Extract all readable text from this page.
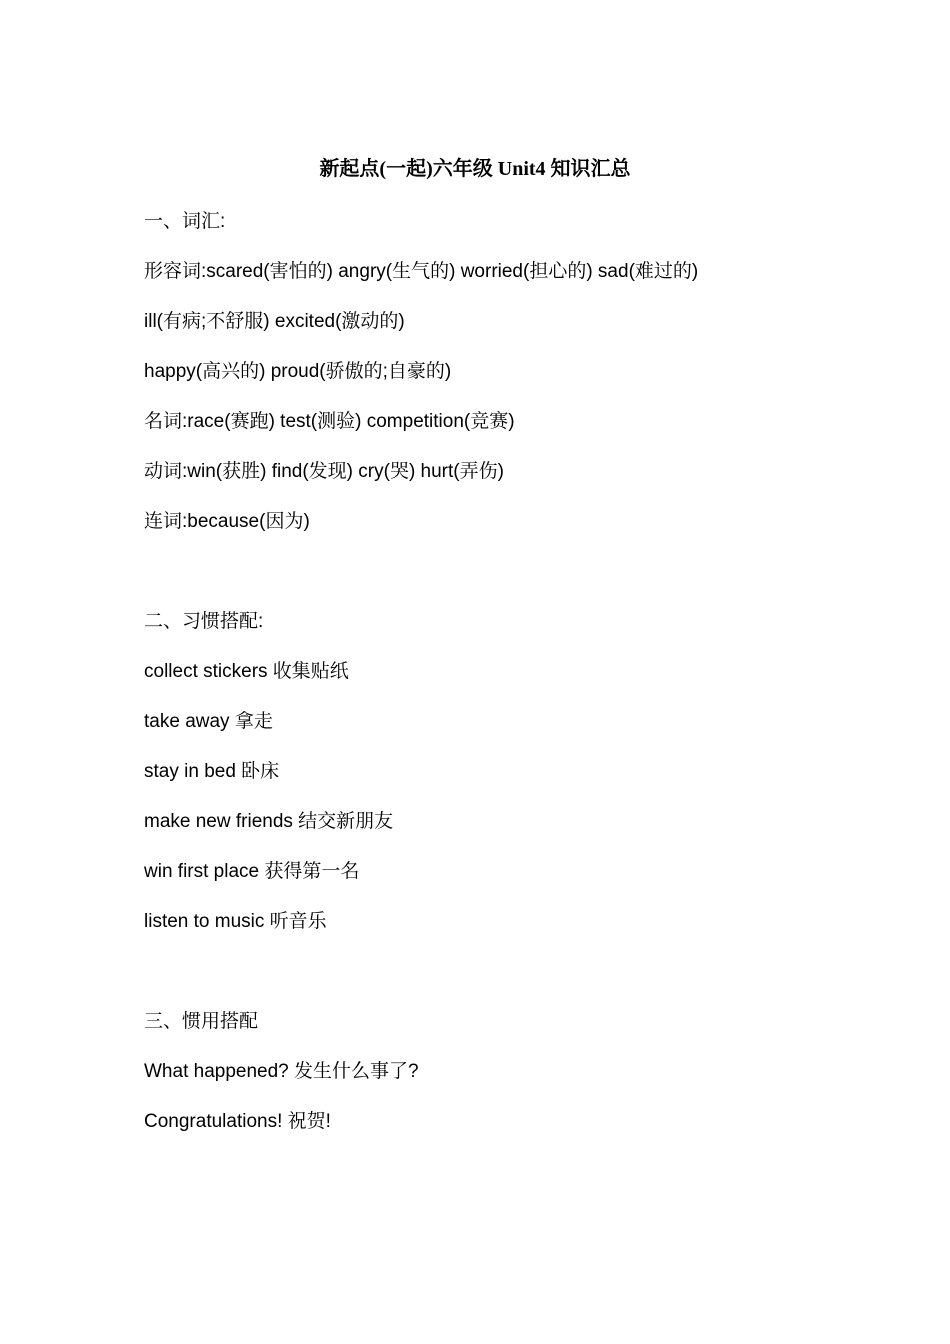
新起点(一起)六年级 Unit4 知识汇总

一、词汇:

形容词:scared(害怕的) angry(生气的) worried(担心的) sad(难过的)

ill(有病;不舒服) excited(激动的)

happy(高兴的) proud(骄傲的;自豪的)

名词:race(赛跑) test(测验) competition(竞赛)

动词:win(获胜) find(发现) cry(哭) hurt(弄伤)

连词:because(因为)

二、习惯搭配:

collect stickers 收集贴纸

take away 拿走

stay in bed 卧床

make new friends 结交新朋友

win first place 获得第一名

listen to music 听音乐

三、惯用搭配

What happened? 发生什么事了?

Congratulations! 祝贺!
